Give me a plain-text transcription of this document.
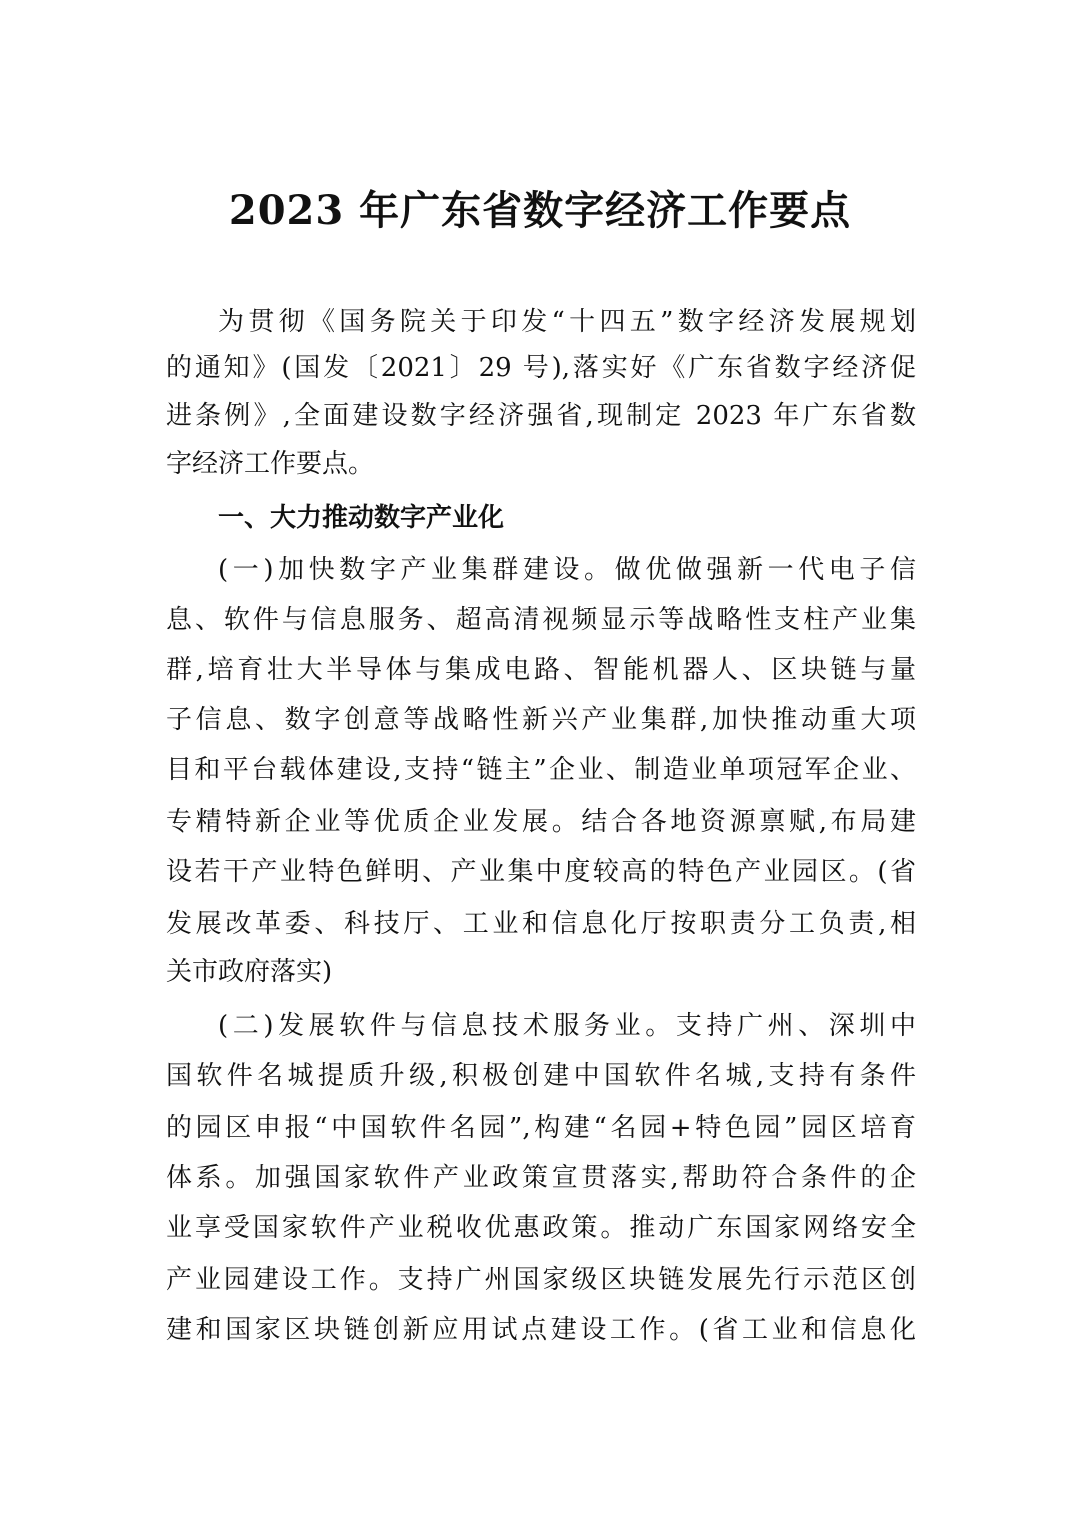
2023 年广东省数字经济工作要点
为贯彻《国务院关于印发“十四五”数字经济发展规划
的通知》(国发〔2021〕29 号),落实好《广东省数字经济促
进条例》,全面建设数字经济强省,现制定 2023 年广东省数
字经济工作要点。
一、大力推动数字产业化
(一)加快数字产业集群建设。做优做强新一代电子信
息、软件与信息服务、超高清视频显示等战略性支柱产业集
群,培育壮大半导体与集成电路、智能机器人、区块链与量
子信息、数字创意等战略性新兴产业集群,加快推动重大项
目和平台载体建设,支持“链主”企业、制造业单项冠军企业、
专精特新企业等优质企业发展。结合各地资源禀赋,布局建
设若干产业特色鲜明、产业集中度较高的特色产业园区。(省
发展改革委、科技厅、工业和信息化厅按职责分工负责,相
关市政府落实)
(二)发展软件与信息技术服务业。支持广州、深圳中
国软件名城提质升级,积极创建中国软件名城,支持有条件
的园区申报“中国软件名园”,构建“名园+特色园”园区培育
体系。加强国家软件产业政策宣贯落实,帮助符合条件的企
业享受国家软件产业税收优惠政策。推动广东国家网络安全
产业园建设工作。支持广州国家级区块链发展先行示范区创
建和国家区块链创新应用试点建设工作。(省工业和信息化
